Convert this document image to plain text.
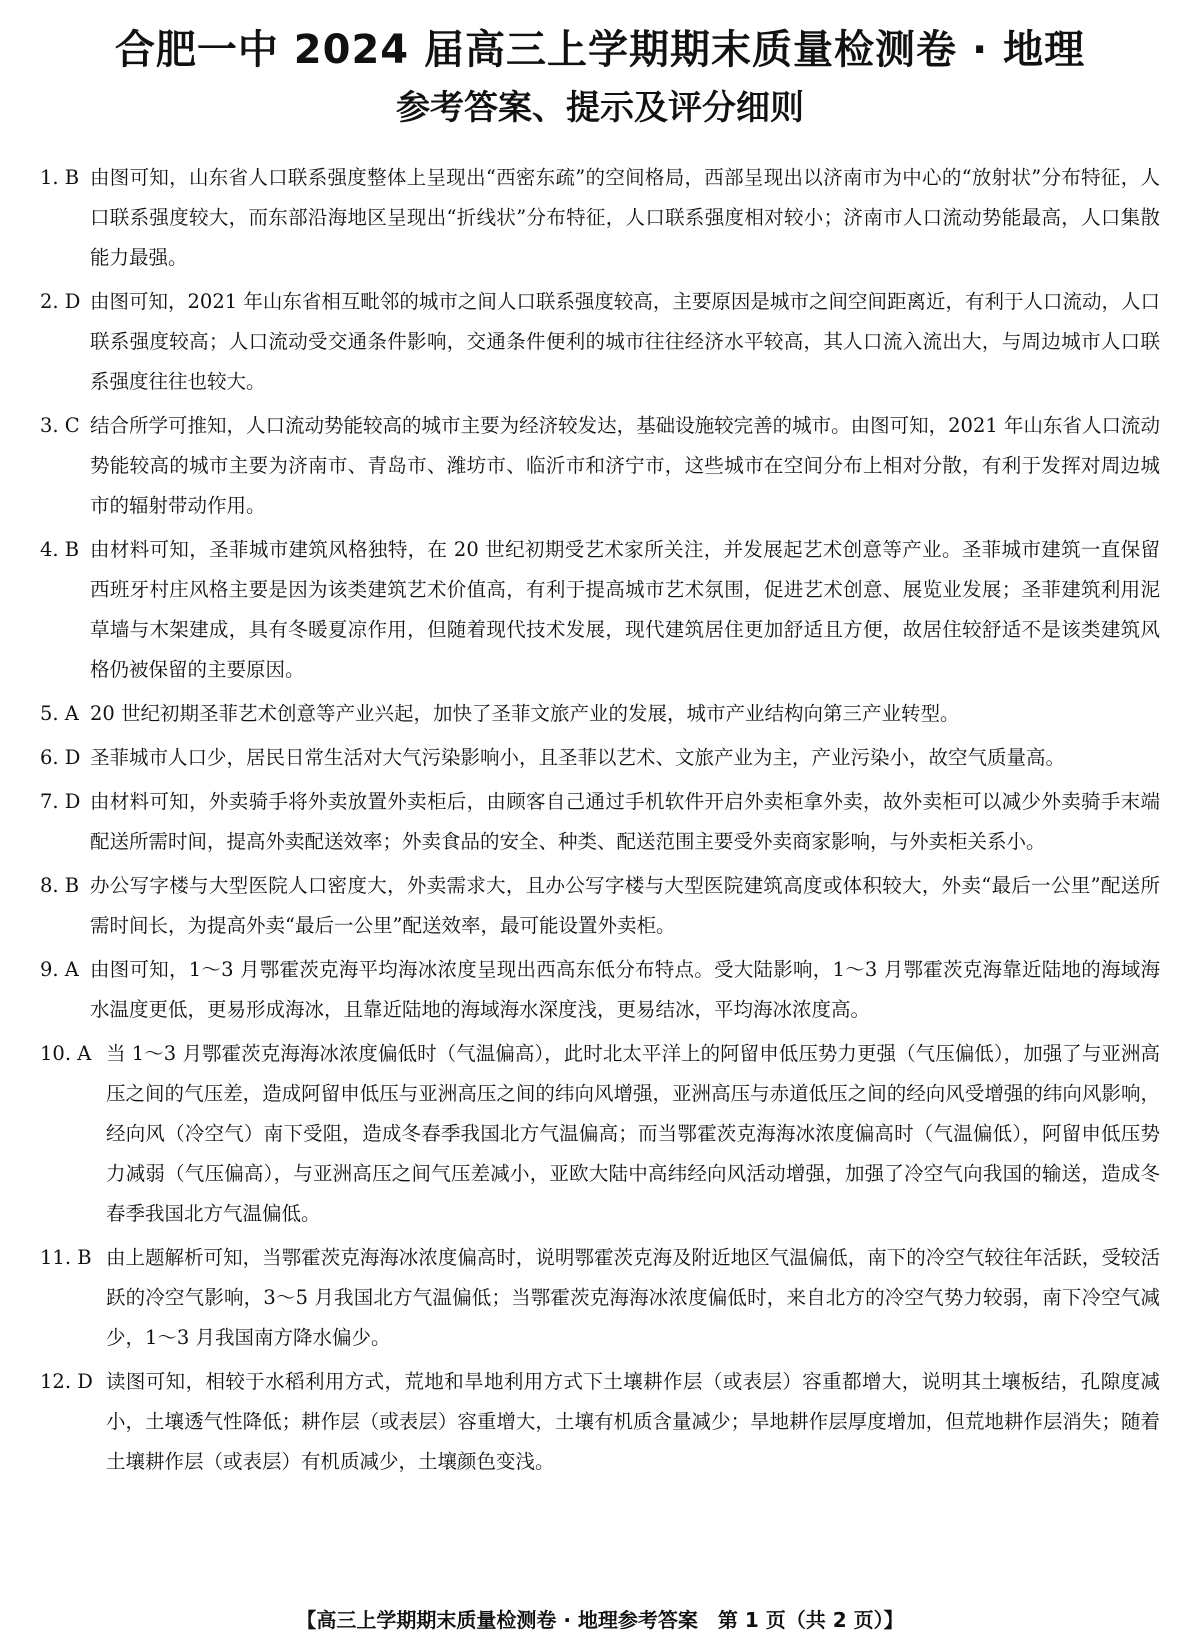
合肥一中 2024 届高三上学期期末质量检测卷 · 地理
参考答案、提示及评分细则
1. B 由图可知，山东省人口联系强度整体上呈现出“西密东疏”的空间格局，西部呈现出以济南市为中心的“放射状”分布特征，人口联系强度较大，而东部沿海地区呈现出“折线状”分布特征，人口联系强度相对较小；济南市人口流动势能最高，人口集散能力最强。
2. D 由图可知，2021 年山东省相互毗邻的城市之间人口联系强度较高，主要原因是城市之间空间距离近，有利于人口流动，人口联系强度较高；人口流动受交通条件影响，交通条件便利的城市往往经济水平较高，其人口流入流出大，与周边城市人口联系强度往往也较大。
3. C 结合所学可推知，人口流动势能较高的城市主要为经济较发达，基础设施较完善的城市。由图可知，2021 年山东省人口流动势能较高的城市主要为济南市、青岛市、潍坊市、临沂市和济宁市，这些城市在空间分布上相对分散，有利于发挥对周边城市的辐射带动作用。
4. B 由材料可知，圣菲城市建筑风格独特，在 20 世纪初期受艺术家所关注，并发展起艺术创意等产业。圣菲城市建筑一直保留西班牙村庄风格主要是因为该类建筑艺术价值高，有利于提高城市艺术氛围，促进艺术创意、展览业发展；圣菲建筑利用泥草墙与木架建成，具有冬暖夏凉作用，但随着现代技术发展，现代建筑居住更加舒适且方便，故居住较舒适不是该类建筑风格仍被保留的主要原因。
5. A 20 世纪初期圣菲艺术创意等产业兴起，加快了圣菲文旅产业的发展，城市产业结构向第三产业转型。
6. D 圣菲城市人口少，居民日常生活对大气污染影响小，且圣菲以艺术、文旅产业为主，产业污染小，故空气质量高。
7. D 由材料可知，外卖骑手将外卖放置外卖柜后，由顾客自己通过手机软件开启外卖柜拿外卖，故外卖柜可以减少外卖骑手末端配送所需时间，提高外卖配送效率；外卖食品的安全、种类、配送范围主要受外卖商家影响，与外卖柜关系小。
8. B 办公写字楼与大型医院人口密度大，外卖需求大，且办公写字楼与大型医院建筑高度或体积较大，外卖“最后一公里”配送所需时间长，为提高外卖“最后一公里”配送效率，最可能设置外卖柜。
9. A 由图可知，1～3 月鄂霍茨克海平均海冰浓度呈现出西高东低分布特点。受大陆影响，1～3 月鄂霍茨克海靠近陆地的海域海水温度更低，更易形成海冰，且靠近陆地的海域海水深度浅，更易结冰，平均海冰浓度高。
10. A 当 1～3 月鄂霍茨克海海冰浓度偏低时（气温偏高），此时北太平洋上的阿留申低压势力更强（气压偏低），加强了与亚洲高压之间的气压差，造成阿留申低压与亚洲高压之间的纬向风增强，亚洲高压与赤道低压之间的经向风受增强的纬向风影响，经向风（冷空气）南下受阻，造成冬春季我国北方气温偏高；而当鄂霍茨克海海冰浓度偏高时（气温偏低），阿留申低压势力减弱（气压偏高），与亚洲高压之间气压差减小，亚欧大陆中高纬经向风活动增强，加强了冷空气向我国的输送，造成冬春季我国北方气温偏低。
11. B 由上题解析可知，当鄂霍茨克海海冰浓度偏高时，说明鄂霍茨克海及附近地区气温偏低，南下的冷空气较往年活跃，受较活跃的冷空气影响，3～5 月我国北方气温偏低；当鄂霍茨克海海冰浓度偏低时，来自北方的冷空气势力较弱，南下冷空气减少，1～3 月我国南方降水偏少。
12. D 读图可知，相较于水稻利用方式，荒地和旱地利用方式下土壤耕作层（或表层）容重都增大，说明其土壤板结，孔隙度减小，土壤透气性降低；耕作层（或表层）容重增大，土壤有机质含量减少；旱地耕作层厚度增加，但荒地耕作层消失；随着土壤耕作层（或表层）有机质减少，土壤颜色变浅。
【高三上学期期末质量检测卷 · 地理参考答案　第 1 页（共 2 页）】
